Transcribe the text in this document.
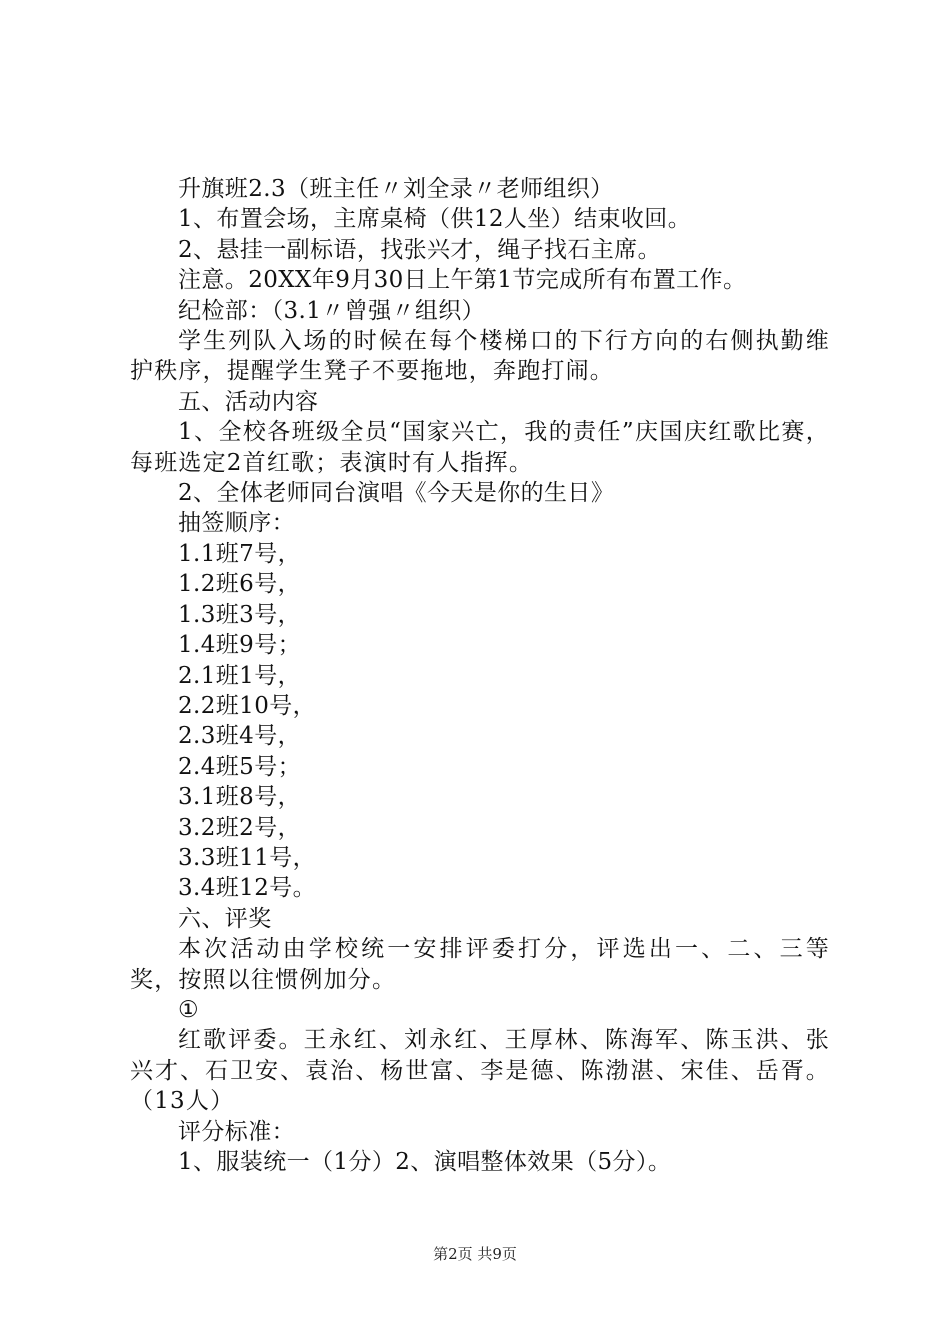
升旗班2.3（班主任〃刘全录〃老师组织）

1、布置会场，主席桌椅（供12人坐）结束收回。

2、悬挂一副标语，找张兴才，绳子找石主席。

注意。20XX年9月30日上午第1节完成所有布置工作。

纪检部：（3.1〃曾强〃组织）

学生列队入场的时候在每个楼梯口的下行方向的右侧执勤维护秩序，提醒学生凳子不要拖地，奔跑打闹。

五、活动内容

1、全校各班级全员“国家兴亡，我的责任”庆国庆红歌比赛，每班选定2首红歌；表演时有人指挥。

2、全体老师同台演唱《今天是你的生日》

抽签顺序：

1.1班7号，

1.2班6号，

1.3班3号，

1.4班9号；

2.1班1号，

2.2班10号，

2.3班4号，

2.4班5号；

3.1班8号，

3.2班2号，

3.3班11号，

3.4班12号。

六、评奖

本次活动由学校统一安排评委打分，评选出一、二、三等奖，按照以往惯例加分。

①

红歌评委。王永红、刘永红、王厚林、陈海军、陈玉洪、张兴才、石卫安、袁治、杨世富、李是德、陈渤湛、宋佳、岳胥。（13人）

评分标准：

1、服装统一（1分）2、演唱整体效果（5分）。

第2页 共9页
